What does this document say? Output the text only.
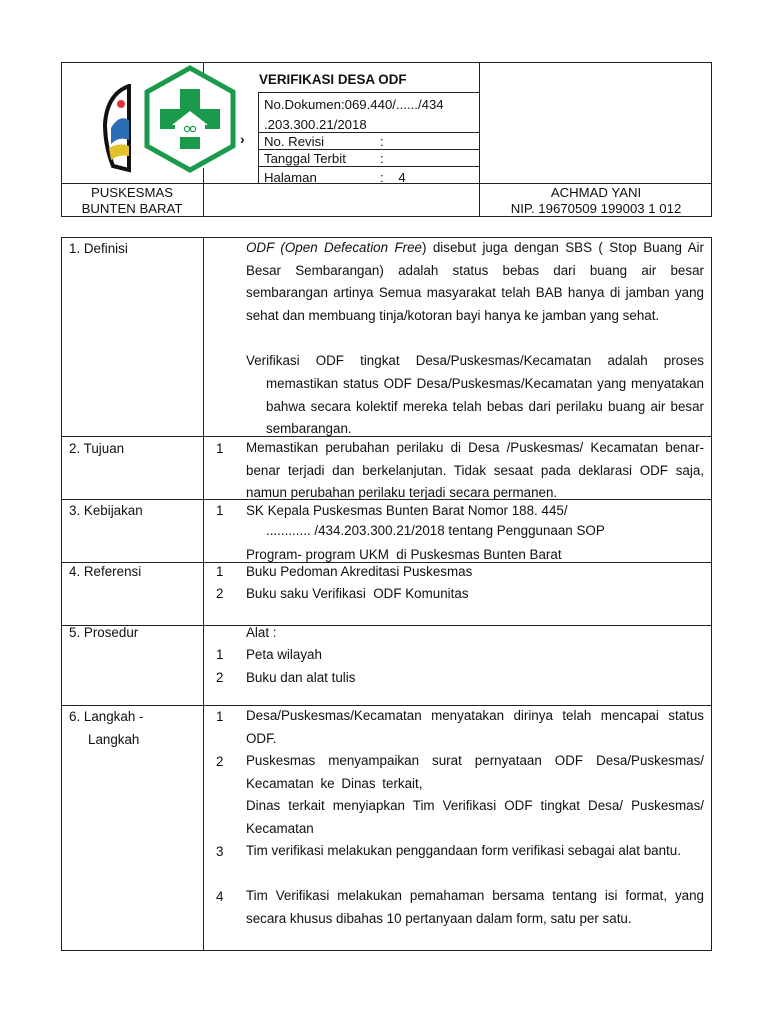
›
VERIFIKASI DESA ODF
No.Dokumen:069.440/....../434
.203.300.21/2018
No. Revisi	:
Tanggal Terbit	:
Halaman	:    4
PUSKESMAS
BUNTEN BARAT
ACHMAD YANI
NIP. 19670509 199003 1 012
1. Definisi	ODF (Open Defecation Free) disebut juga dengan SBS ( Stop Buang Air Besar Sembarangan) adalah status bebas dari buang air besar sembarangan artinya Semua masyarakat telah BAB hanya di jamban yang sehat dan membuang tinja/kotoran bayi hanya ke jamban yang sehat.
Verifikasi ODF tingkat Desa/Puskesmas/Kecamatan adalah proses
memastikan status ODF Desa/Puskesmas/Kecamatan yang menyatakan bahwa secara kolektif mereka telah bebas dari perilaku buang air besar sembarangan.
2. Tujuan	1 Memastikan perubahan perilaku di Desa /Puskesmas/ Kecamatan benar-benar terjadi dan berkelanjutan. Tidak sesaat pada deklarasi ODF saja, namun perubahan perilaku terjadi secara permanen.
3. Kebijakan	1 SK Kepala Puskesmas Bunten Barat Nomor 188. 445/
............ /434.203.300.21/2018 tentang Penggunaan SOP
Program- program UKM  di Puskesmas Bunten Barat
4. Referensi	1 Buku Pedoman Akreditasi Puskesmas
2 Buku saku Verifikasi  ODF Komunitas
5. Prosedur	Alat :
1 Peta wilayah
2 Buku dan alat tulis
6. Langkah -
Langkah
1 Desa/Puskesmas/Kecamatan menyatakan dirinya telah mencapai status ODF.
2 Puskesmas menyampaikan surat pernyataan ODF Desa/Puskesmas/ Kecamatan ke Dinas terkait,
Dinas terkait menyiapkan Tim Verifikasi ODF tingkat Desa/ Puskesmas/ Kecamatan
3 Tim verifikasi melakukan penggandaan form verifikasi sebagai alat bantu.
4 Tim Verifikasi melakukan pemahaman bersama tentang isi format, yang secara khusus dibahas 10 pertanyaan dalam form, satu per satu.
